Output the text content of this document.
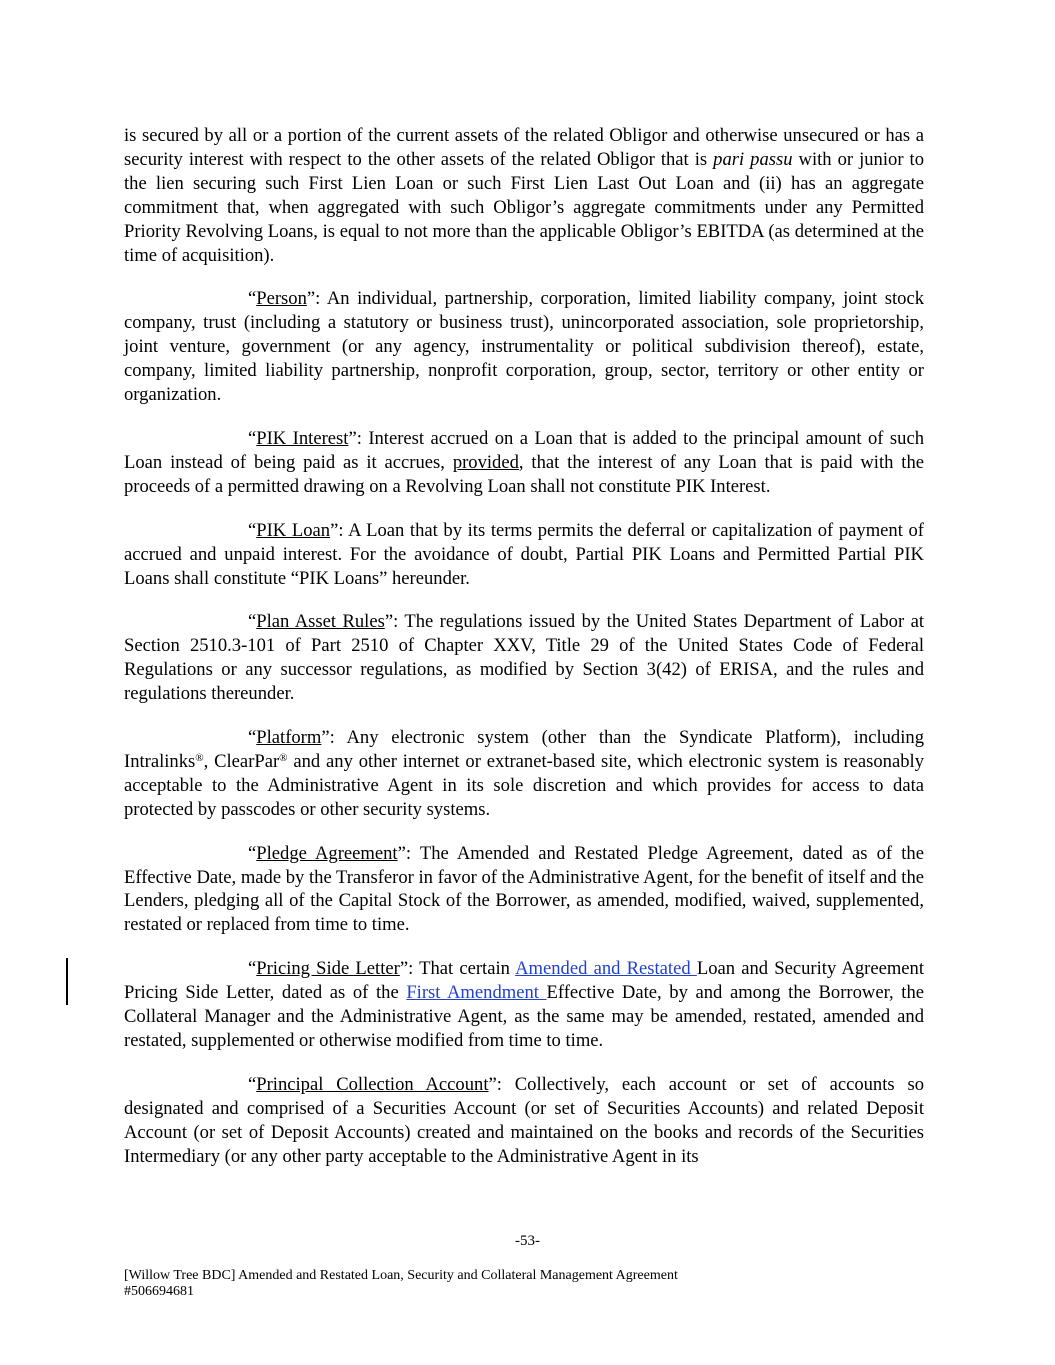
is secured by all or a portion of the current assets of the related Obligor and otherwise unsecured or has a security interest with respect to the other assets of the related Obligor that is pari passu with or junior to the lien securing such First Lien Loan or such First Lien Last Out Loan and (ii) has an aggregate commitment that, when aggregated with such Obligor’s aggregate commitments under any Permitted Priority Revolving Loans, is equal to not more than the applicable Obligor’s EBITDA (as determined at the time of acquisition).

“Person”: An individual, partnership, corporation, limited liability company, joint stock company, trust (including a statutory or business trust), unincorporated association, sole proprietorship, joint venture, government (or any agency, instrumentality or political subdivision thereof), estate, company, limited liability partnership, nonprofit corporation, group, sector, territory or other entity or organization.

“PIK Interest”: Interest accrued on a Loan that is added to the principal amount of such Loan instead of being paid as it accrues, provided, that the interest of any Loan that is paid with the proceeds of a permitted drawing on a Revolving Loan shall not constitute PIK Interest.

“PIK Loan”: A Loan that by its terms permits the deferral or capitalization of payment of accrued and unpaid interest. For the avoidance of doubt, Partial PIK Loans and Permitted Partial PIK Loans shall constitute “PIK Loans” hereunder.

“Plan Asset Rules”: The regulations issued by the United States Department of Labor at Section 2510.3-101 of Part 2510 of Chapter XXV, Title 29 of the United States Code of Federal Regulations or any successor regulations, as modified by Section 3(42) of ERISA, and the rules and regulations thereunder.

“Platform”: Any electronic system (other than the Syndicate Platform), including Intralinks®, ClearPar® and any other internet or extranet-based site, which electronic system is reasonably acceptable to the Administrative Agent in its sole discretion and which provides for access to data protected by passcodes or other security systems.

“Pledge Agreement”: The Amended and Restated Pledge Agreement, dated as of the Effective Date, made by the Transferor in favor of the Administrative Agent, for the benefit of itself and the Lenders, pledging all of the Capital Stock of the Borrower, as amended, modified, waived, supplemented, restated or replaced from time to time.

“Pricing Side Letter”: That certain Amended and Restated Loan and Security Agreement Pricing Side Letter, dated as of the First Amendment Effective Date, by and among the Borrower, the Collateral Manager and the Administrative Agent, as the same may be amended, restated, amended and restated, supplemented or otherwise modified from time to time.

“Principal Collection Account”: Collectively, each account or set of accounts so designated and comprised of a Securities Account (or set of Securities Accounts) and related Deposit Account (or set of Deposit Accounts) created and maintained on the books and records of the Securities Intermediary (or any other party acceptable to the Administrative Agent in its

-53-
[Willow Tree BDC] Amended and Restated Loan, Security and Collateral Management Agreement
#506694681
